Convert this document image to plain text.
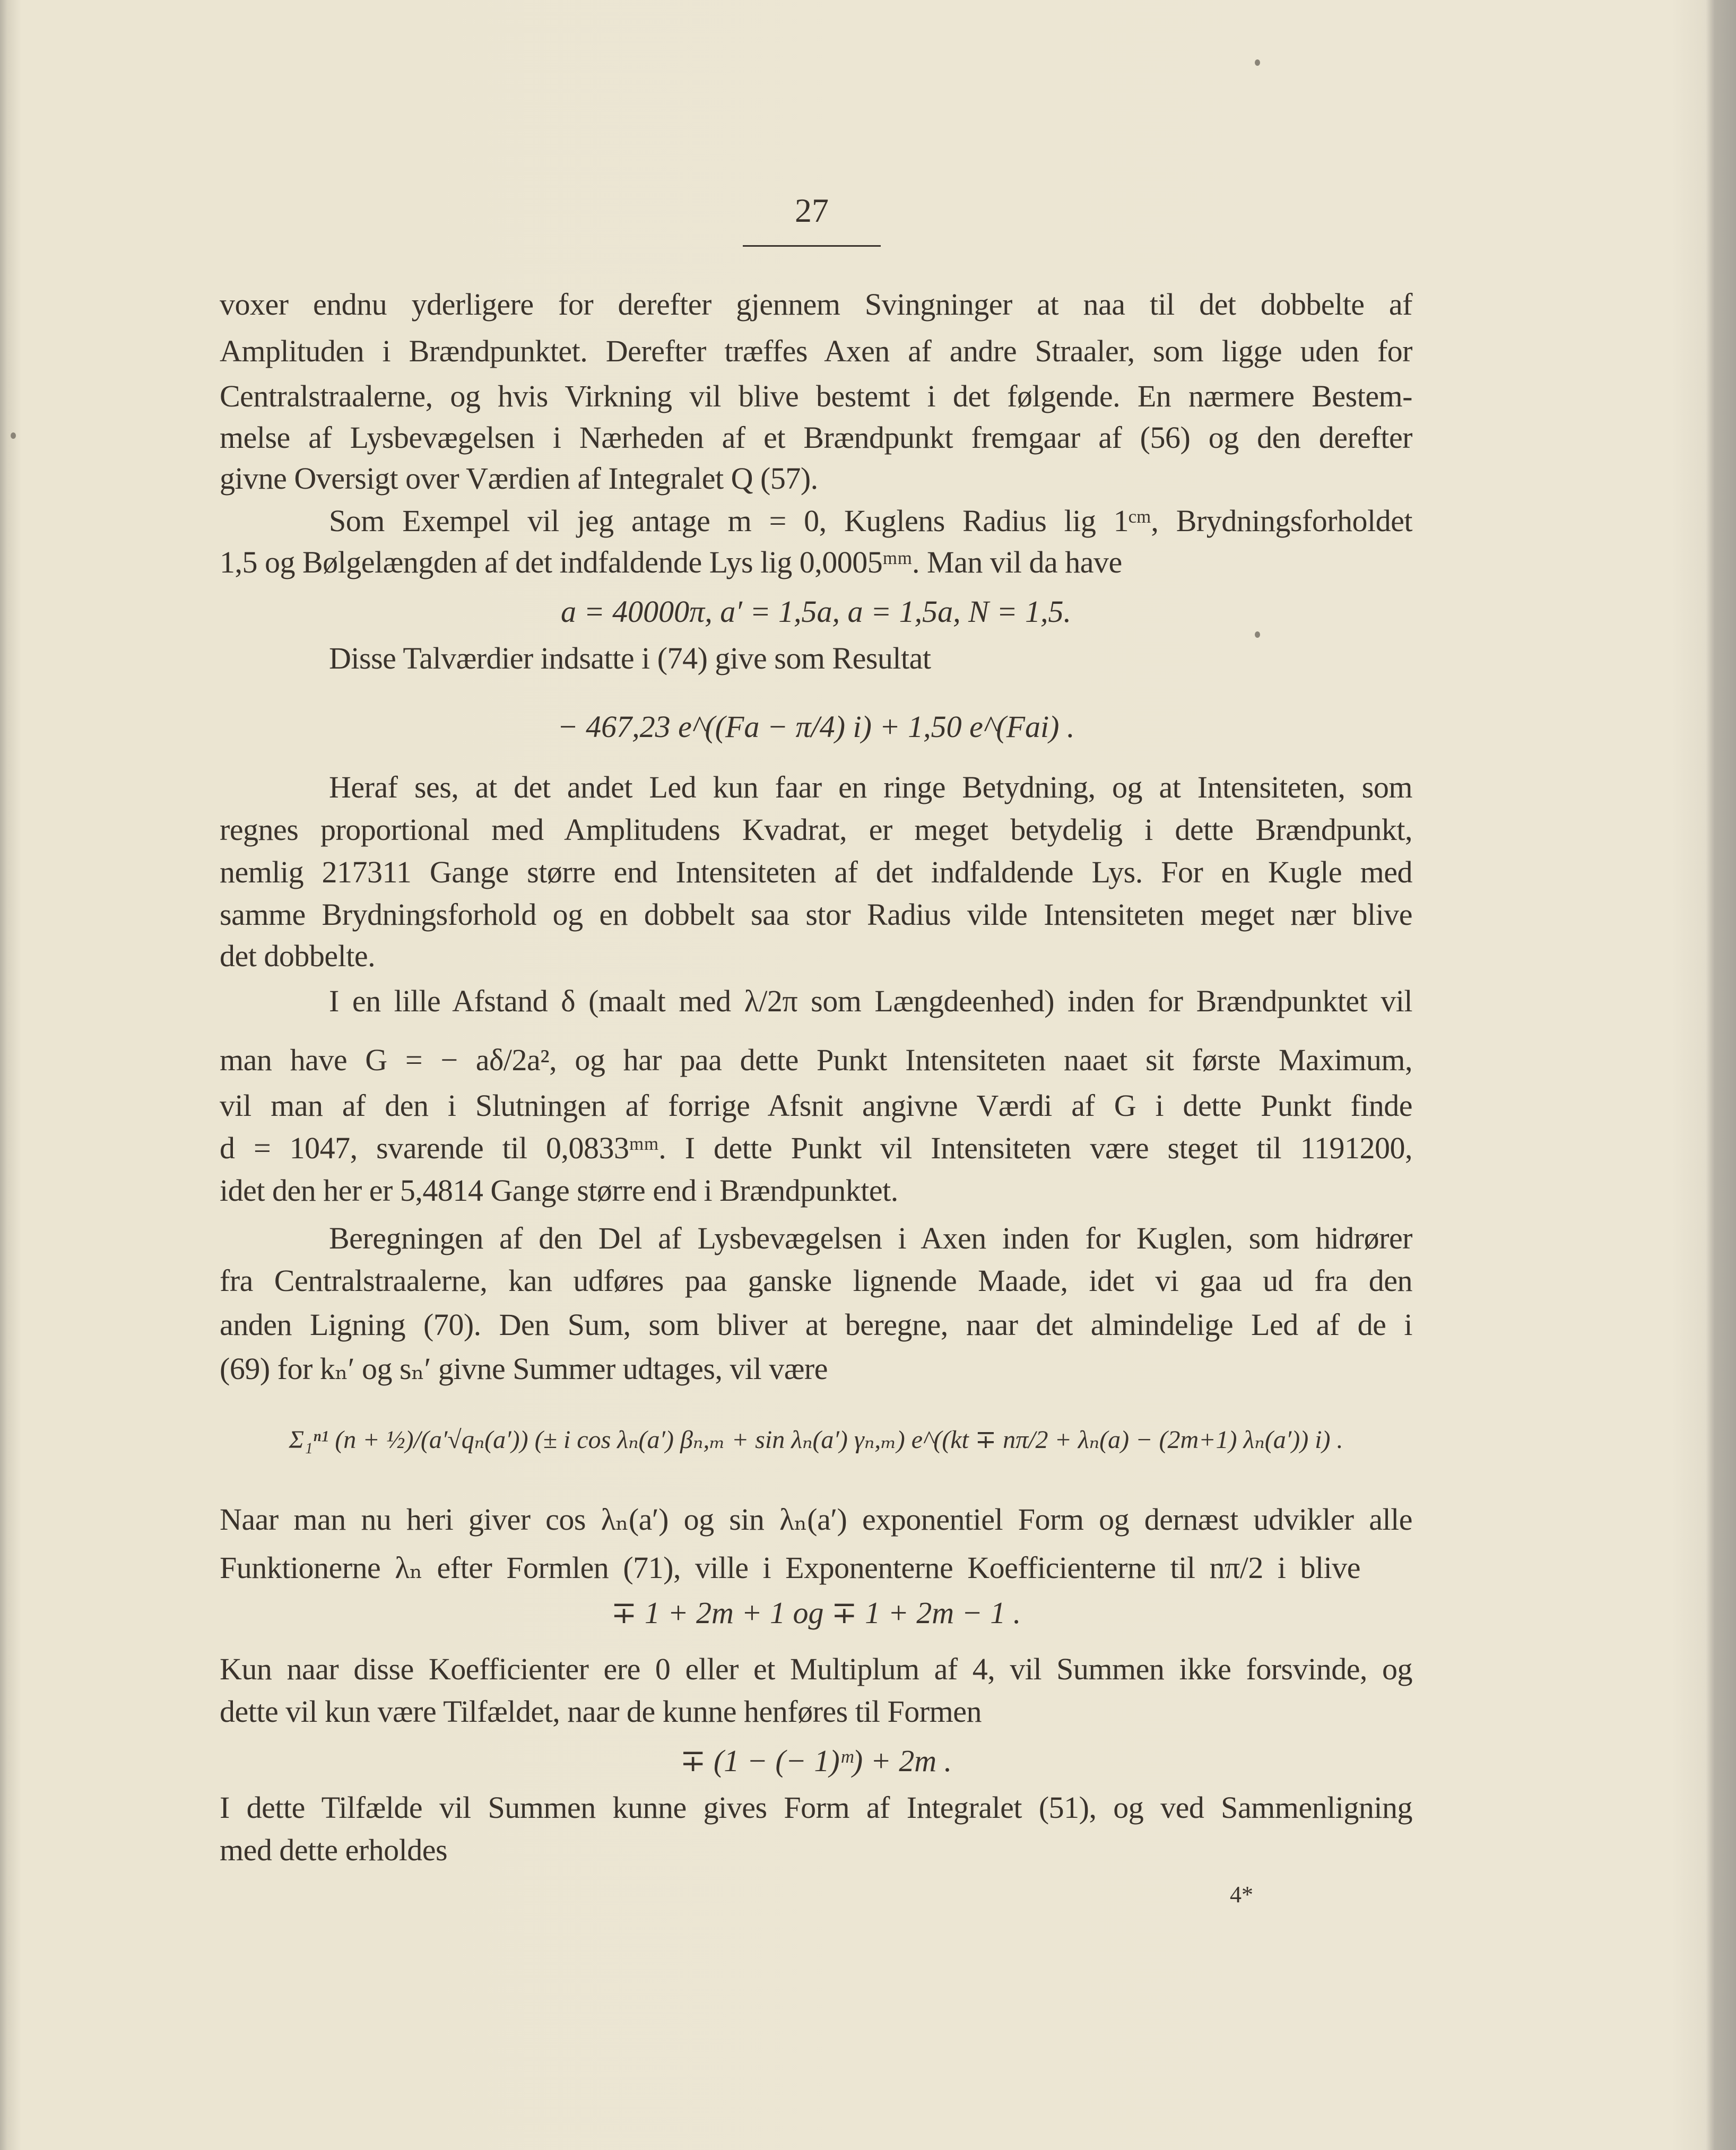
27
voxer endnu yderligere for derefter gjennem Svingninger at naa til det dobbelte af
Amplituden i Brændpunktet. Derefter træffes Axen af andre Straaler, som ligge uden for
Centralstraalerne, og hvis Virkning vil blive bestemt i det følgende. En nærmere Bestem-
melse af Lysbevægelsen i Nærheden af et Brændpunkt fremgaar af (56) og den derefter
givne Oversigt over Værdien af Integralet Q (57).
Som Exempel vil jeg antage m = 0, Kuglens Radius lig 1ᶜᵐ, Brydningsforholdet
1,5 og Bølgelængden af det indfaldende Lys lig 0,0005ᵐᵐ. Man vil da have
a = 40000π, a′ = 1,5a, a = 1,5a, N = 1,5.
Disse Talværdier indsatte i (74) give som Resultat
− 467,23 e^((Fa − π/4) i) + 1,50 e^(Fai) .
Heraf ses, at det andet Led kun faar en ringe Betydning, og at Intensiteten, som
regnes proportional med Amplitudens Kvadrat, er meget betydelig i dette Brændpunkt,
nemlig 217311 Gange større end Intensiteten af det indfaldende Lys. For en Kugle med
samme Brydningsforhold og en dobbelt saa stor Radius vilde Intensiteten meget nær blive
det dobbelte.
I en lille Afstand δ (maalt med λ/2π som Længdeenhed) inden for Brændpunktet vil
man have G = − aδ/2a², og har paa dette Punkt Intensiteten naaet sit første Maximum,
vil man af den i Slutningen af forrige Afsnit angivne Værdi af G i dette Punkt finde
d = 1047, svarende til 0,0833ᵐᵐ. I dette Punkt vil Intensiteten være steget til 1191200,
idet den her er 5,4814 Gange større end i Brændpunktet.
Beregningen af den Del af Lysbevægelsen i Axen inden for Kuglen, som hidrører
fra Centralstraalerne, kan udføres paa ganske lignende Maade, idet vi gaa ud fra den
anden Ligning (70). Den Sum, som bliver at beregne, naar det almindelige Led af de i
(69) for kₙ′ og sₙ′ givne Summer udtages, vil være
Σ₁ⁿ¹ (n + ½)/(a′√qₙ(a′)) (± i cos λₙ(a′) βₙ,ₘ + sin λₙ(a′) γₙ,ₘ) e^((kt ∓ nπ/2 + λₙ(a) − (2m+1) λₙ(a′)) i) .
Naar man nu heri giver cos λₙ(a′) og sin λₙ(a′) exponentiel Form og dernæst udvikler alle
Funktionerne λₙ efter Formlen (71), ville i Exponenterne Koefficienterne til nπ/2 i blive
∓ 1 + 2m + 1 og ∓ 1 + 2m − 1 .
Kun naar disse Koefficienter ere 0 eller et Multiplum af 4, vil Summen ikke forsvinde, og
dette vil kun være Tilfældet, naar de kunne henføres til Formen
∓ (1 − (− 1)ᵐ) + 2m .
I dette Tilfælde vil Summen kunne gives Form af Integralet (51), og ved Sammenligning
med dette erholdes
4*
